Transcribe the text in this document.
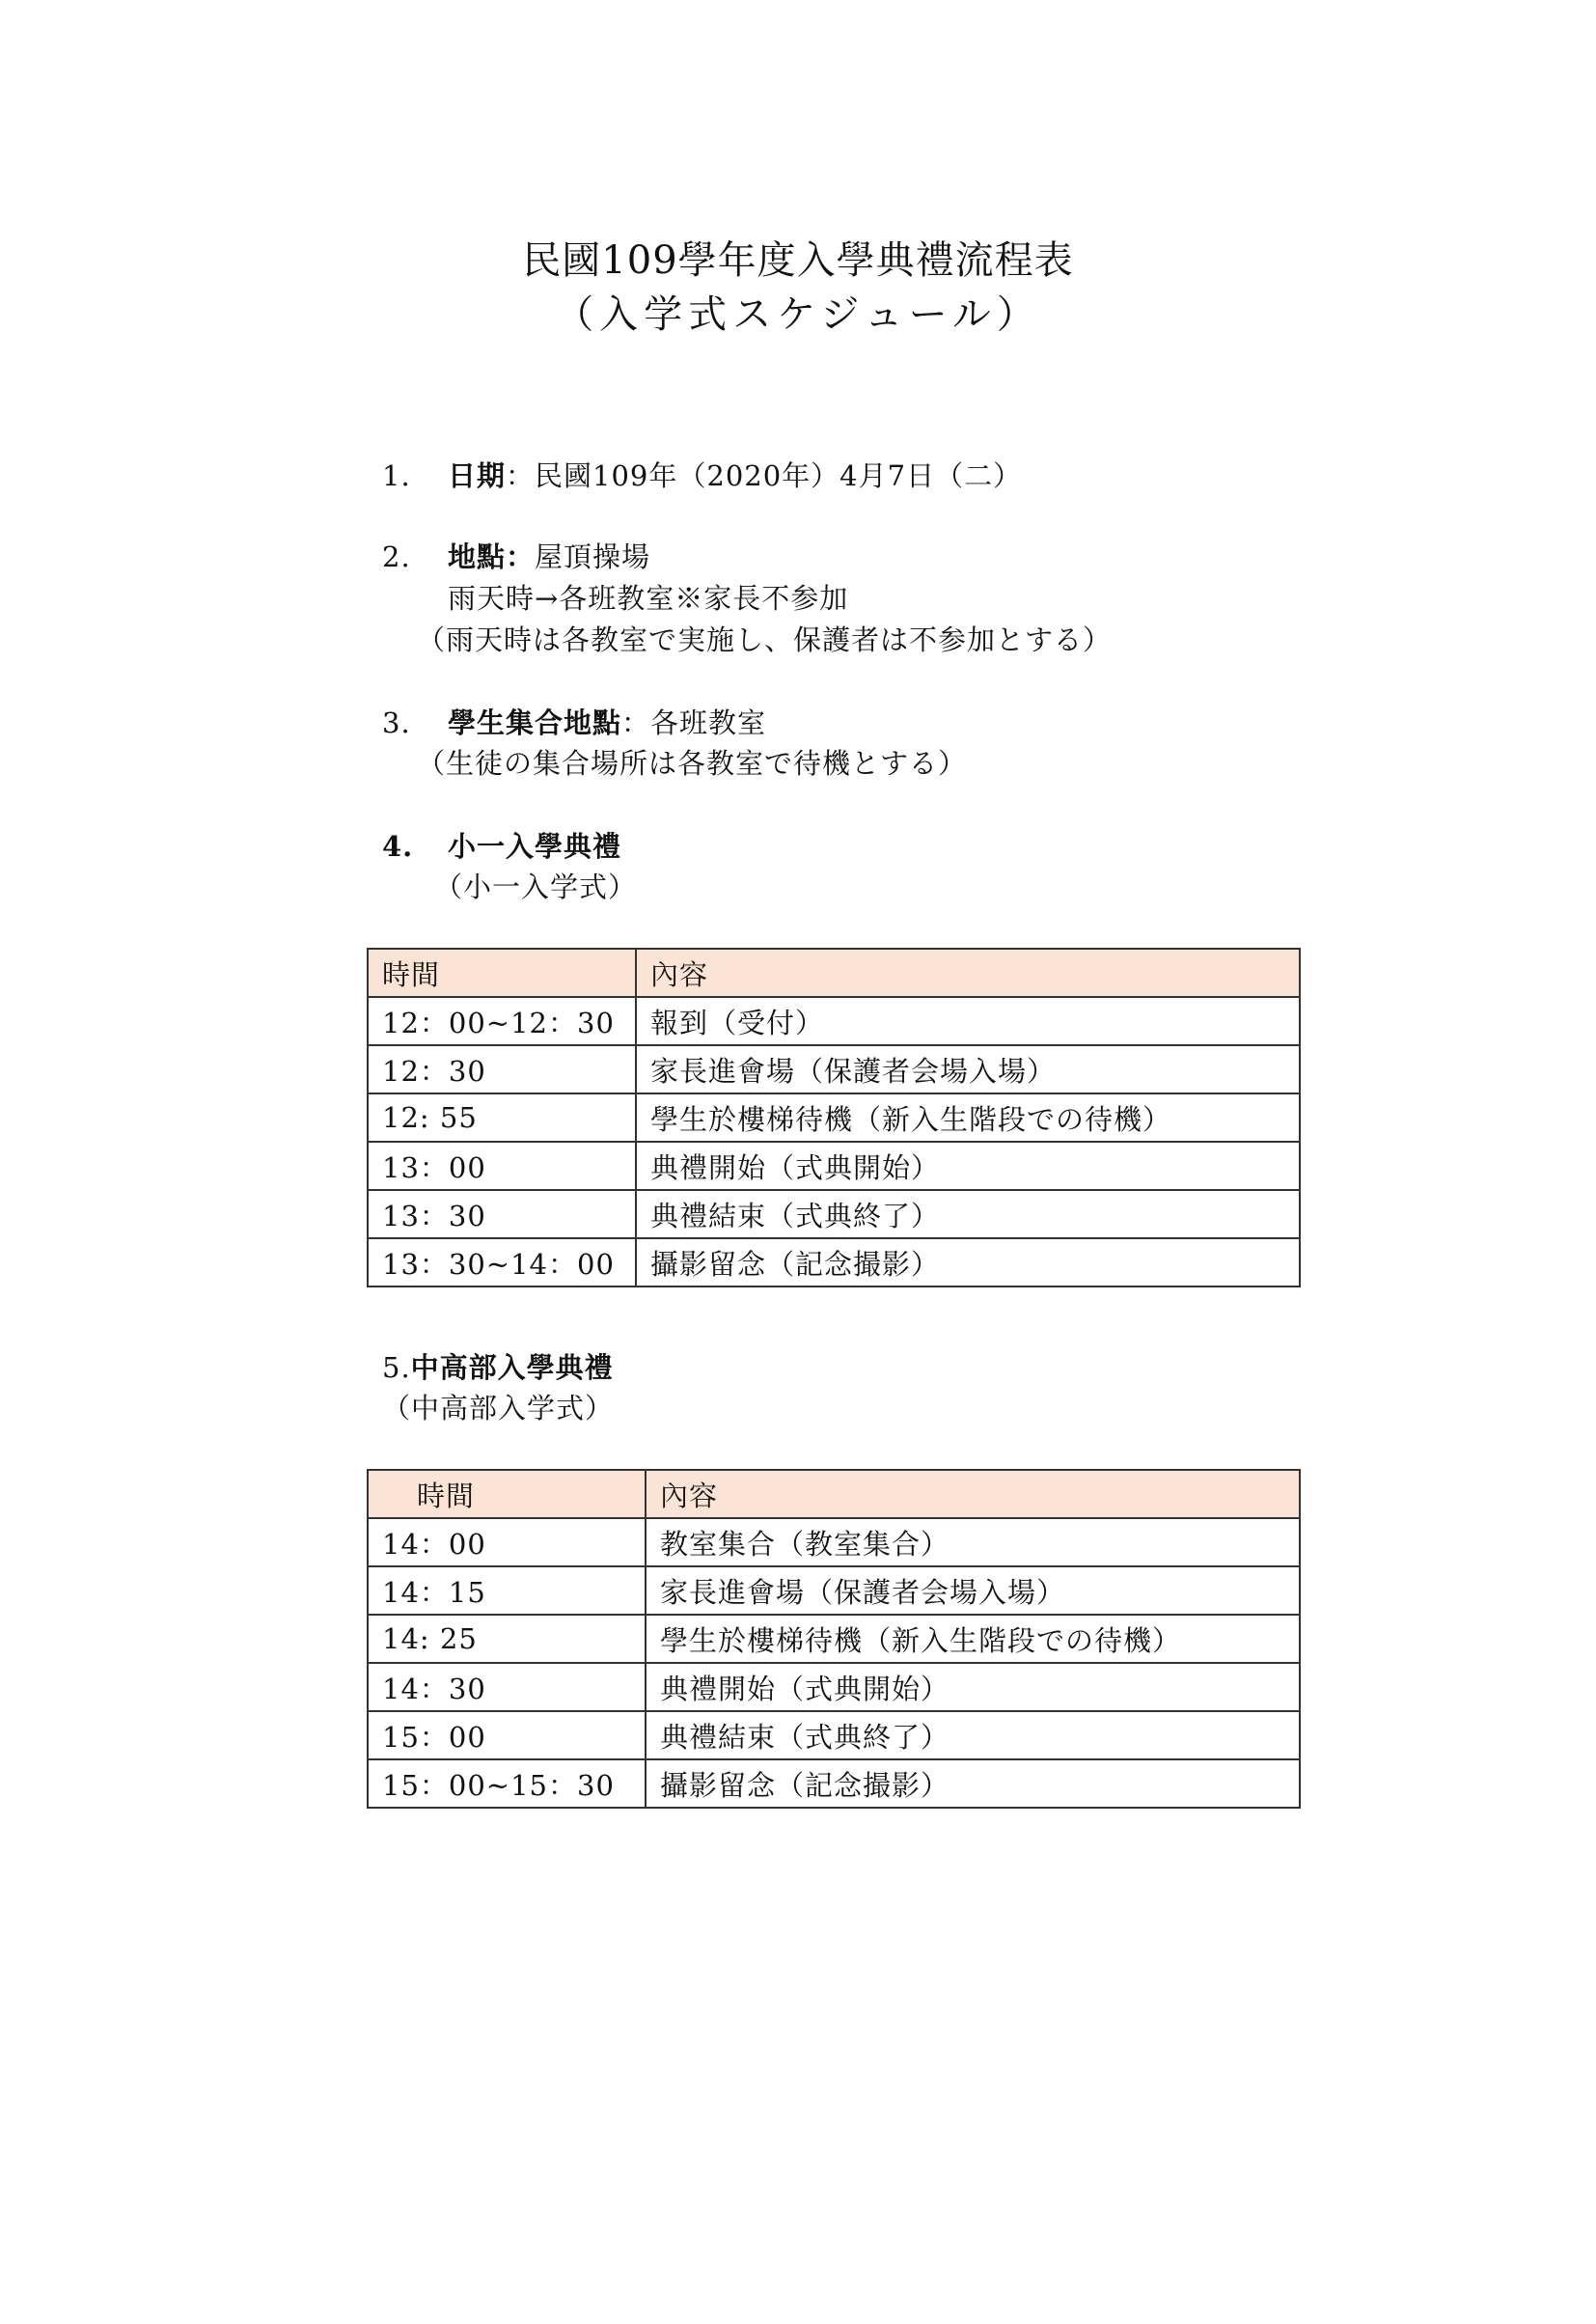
民國109學年度入學典禮流程表
（入学式スケジュール）
1. 日期：民國109年（2020年）4月7日（二）
2. 地點：屋頂操場
雨天時→各班教室※家長不参加
（雨天時は各教室で実施し、保護者は不参加とする）
3. 學生集合地點：各班教室
（生徒の集合場所は各教室で待機とする）
4. 小一入學典禮
（小一入学式）
時間	內容
12：00~12：30	報到（受付）
12：30	家長進會場（保護者会場入場）
12: 55	學生於樓梯待機（新入生階段での待機）
13：00	典禮開始（式典開始）
13：30	典禮結束（式典終了）
13：30~14：00	攝影留念（記念撮影）
5.中高部入學典禮
（中高部入学式）
時間	內容
14：00	教室集合（教室集合）
14：15	家長進會場（保護者会場入場）
14: 25	學生於樓梯待機（新入生階段での待機）
14：30	典禮開始（式典開始）
15：00	典禮結束（式典終了）
15：00~15：30	攝影留念（記念撮影）
